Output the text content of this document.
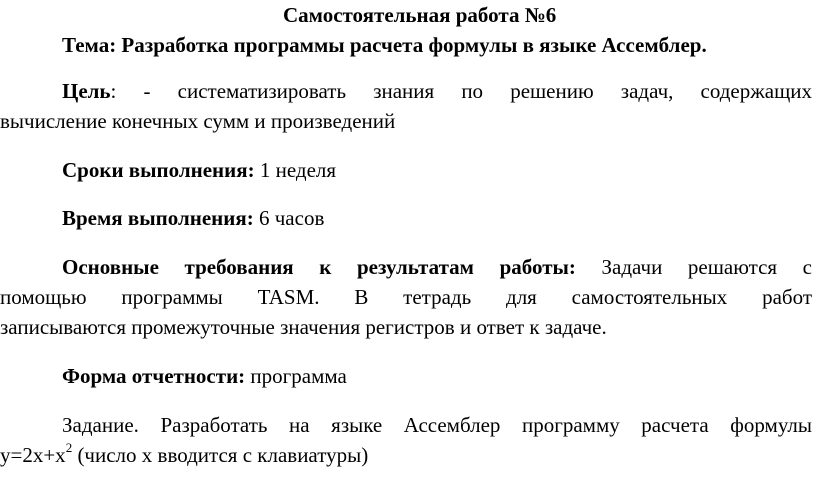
Самостоятельная работа №6
Тема: Разработка программы расчета формулы в языке Ассемблер.
Цель: - систематизировать знания по решению задач, содержащих
вычисление конечных сумм и произведений
Сроки выполнения: 1 неделя
Время выполнения: 6 часов
Основные требования к результатам работы: Задачи решаются с
помощью программы TASM. В тетрадь для самостоятельных работ
записываются промежуточные значения регистров и ответ к задаче.
Форма отчетности: программа
Задание. Разработать на языке Ассемблер программу расчета формулы
$y=2x+x^2$ (число x вводится с клавиатуры)
